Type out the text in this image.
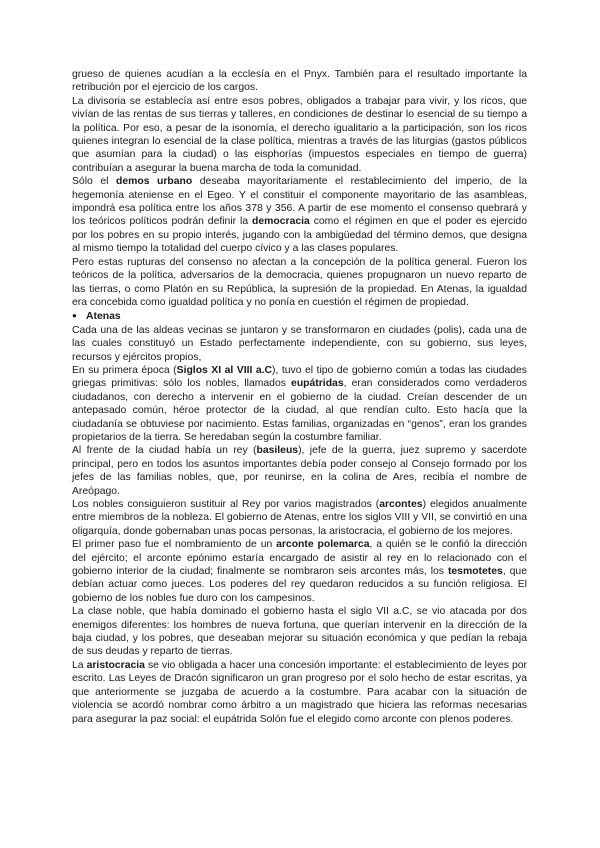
grueso de quienes acudían a la ecclesía en el Pnyx. También para el resultado importante la retribución por el ejercicio de los cargos.

La divisoria se establecía así entre esos pobres, obligados a trabajar para vivir, y los ricos, que vivían de las rentas de sus tierras y talleres, en condiciones de destinar lo esencial de su tiempo a la política. Por eso, a pesar de la isonomía, el derecho igualitario a la participación, son los ricos quienes integran lo esencial de la clase política, mientras a través de las liturgias (gastos públicos que asumían para la ciudad) o las eisphorías (impuestos especiales en tiempo de guerra) contribuían a asegurar la buena marcha de toda la comunidad.

Sólo el demos urbano deseaba mayoritariamente el restablecimiento del imperio, de la hegemonía ateniense en el Egeo. Y el constituir el componente mayoritario de las asambleas, impondrá esa política entre los años 378 y 356. A partir de ese momento el consenso quebrará y los teóricos políticos podrán definir la democracia como el régimen en que el poder es ejercido por los pobres en su propio interés, jugando con la ambigüedad del término demos, que designa al mismo tiempo la totalidad del cuerpo cívico y a las clases populares.

Pero estas rupturas del consenso no afectan a la concepción de la política general. Fueron los teóricos de la política, adversarios de la democracia, quienes propugnaron un nuevo reparto de las tierras, o como Platón en su República, la supresión de la propiedad. En Atenas, la igualdad era concebida como igualdad política y no ponía en cuestión el régimen de propiedad.

● Atenas

Cada una de las aldeas vecinas se juntaron y se transformaron en ciudades (polis), cada una de las cuales constituyó un Estado perfectamente independiente, con su gobierno, sus leyes, recursos y ejércitos propios,

En su primera época (Siglos XI al VIII a.C), tuvo el tipo de gobierno común a todas las ciudades griegas primitivas: sólo los nobles, llamados eupátridas, eran considerados como verdaderos ciudadanos, con derecho a intervenir en el gobierno de la ciudad. Creían descender de un antepasado común, héroe protector de la ciudad, al que rendían culto. Esto hacía que la ciudadanía se obtuviese por nacimiento. Estas familias, organizadas en “genos”, eran los grandes propietarios de la tierra. Se heredaban según la costumbre familiar.

Al frente de la ciudad había un rey (basileus), jefe de la guerra, juez supremo y sacerdote principal, pero en todos los asuntos importantes debía poder consejo al Consejo formado por los jefes de las familias nobles, que, por reunirse, en la colina de Ares, recibía el nombre de Areópago.

Los nobles consiguieron sustituir al Rey por varios magistrados (arcontes) elegidos anualmente entre miembros de la nobleza. El gobierno de Atenas, entre los siglos VIII y VII, se convirtió en una oligarquía, donde gobernaban unas pocas personas, la aristocracia, el gobierno de los mejores.

El primer paso fue el nombramiento de un arconte polemarca, a quién se le confió la dirección del ejército; el arconte epónimo estaría encargado de asistir al rey en lo relacionado con el gobierno interior de la ciudad; finalmente se nombraron seis arcontes más, los tesmotetes, que debían actuar como jueces. Los poderes del rey quedaron reducidos a su función religiosa. El gobierno de los nobles fue duro con los campesinos.

La clase noble, que había dominado el gobierno hasta el siglo VII a.C, se vio atacada por dos enemigos diferentes: los hombres de nueva fortuna, que querían intervenir en la dirección de la baja ciudad, y los pobres, que deseaban mejorar su situación económica y que pedían la rebaja de sus deudas y reparto de tierras.

La aristocracia se vio obligada a hacer una concesión importante: el establecimiento de leyes por escrito. Las Leyes de Dracón significaron un gran progreso por el solo hecho de estar escritas, ya que anteriormente se juzgaba de acuerdo a la costumbre. Para acabar con la situación de violencia se acordó nombrar como árbitro a un magistrado que hiciera las reformas necesarias para asegurar la paz social: el eupátrida Solón fue el elegido como arconte con plenos poderes.
